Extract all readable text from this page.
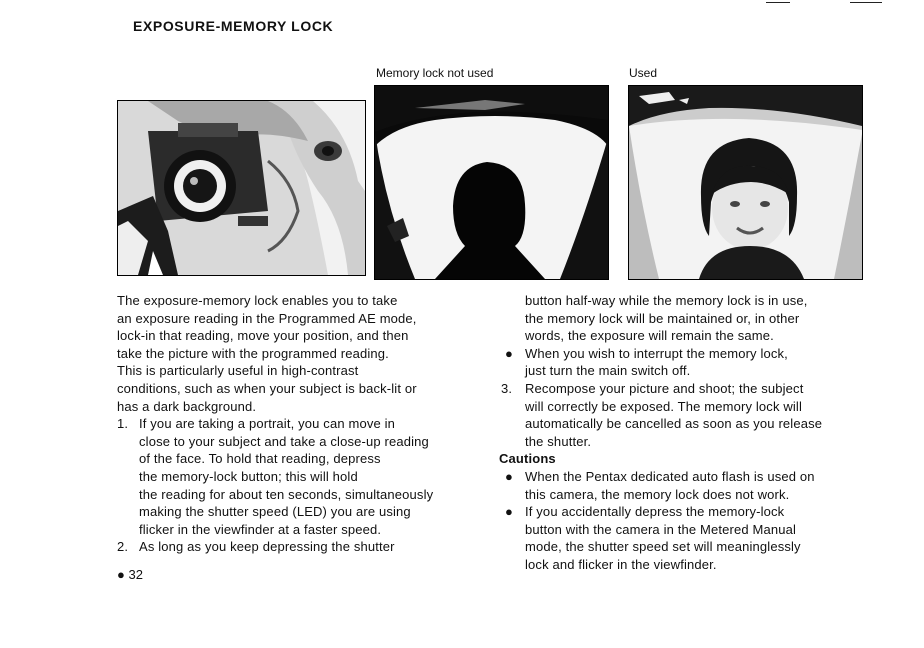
EXPOSURE-MEMORY LOCK
Memory lock not used	Used

The exposure-memory lock enables you to take

an exposure reading in the Programmed AE mode,

lock-in that reading, move your position, and then

take the picture with the programmed reading.

This is particularly useful in high-contrast

conditions, such as when your subject is back-lit or

has a dark background.

1. If you are taking a portrait, you can move in

close to your subject and take a close-up reading

of the face. To hold that reading, depress

the memory-lock button; this will hold

the reading for about ten seconds, simultaneously

making the shutter speed (LED) you are using

flicker in the viewfinder at a faster speed.

2. As long as you keep depressing the shutter

● 32

button half-way while the memory lock is in use,

the memory lock will be maintained or, in other

words, the exposure will remain the same.

● When you wish to interrupt the memory lock,

just turn the main switch off.

3. Recompose your picture and shoot; the subject

will correctly be exposed. The memory lock will

automatically be cancelled as soon as you release

the shutter.

Cautions

● When the Pentax dedicated auto flash is used on

this camera, the memory lock does not work.

● If you accidentally depress the memory-lock

button with the camera in the Metered Manual

mode, the shutter speed set will meaninglessly

lock and flicker in the viewfinder.
